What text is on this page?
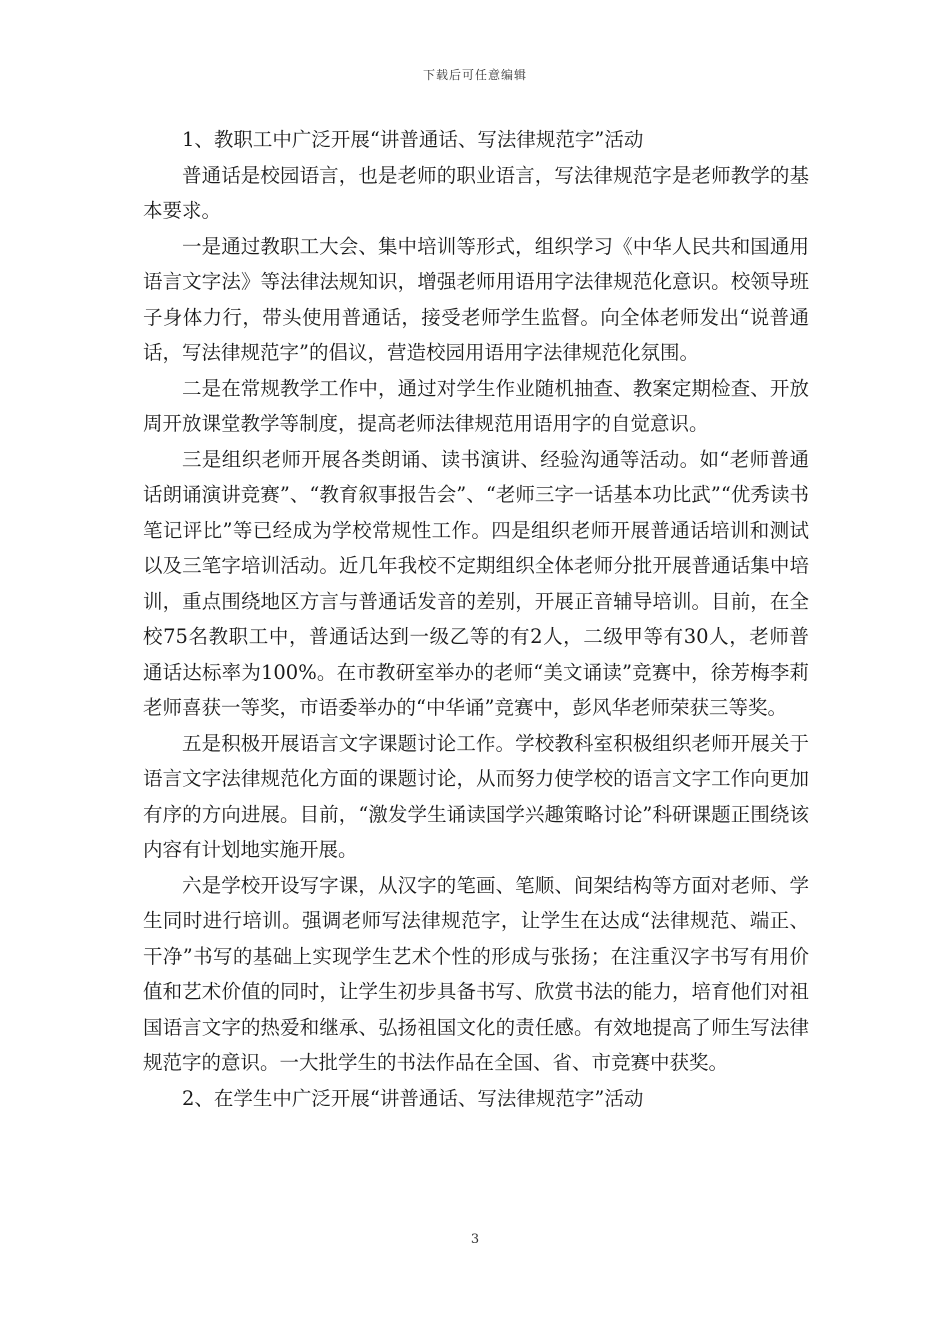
下载后可任意编辑

1、教职工中广泛开展“讲普通话、写法律规范字”活动

普通话是校园语言，也是老师的职业语言，写法律规范字是老师教学的基本要求。

一是通过教职工大会、集中培训等形式，组织学习《中华人民共和国通用语言文字法》等法律法规知识，增强老师用语用字法律规范化意识。校领导班子身体力行，带头使用普通话，接受老师学生监督。向全体老师发出“说普通话，写法律规范字”的倡议，营造校园用语用字法律规范化氛围。

二是在常规教学工作中，通过对学生作业随机抽查、教案定期检查、开放周开放课堂教学等制度，提高老师法律规范用语用字的自觉意识。

三是组织老师开展各类朗诵、读书演讲、经验沟通等活动。如“老师普通话朗诵演讲竞赛”、“教育叙事报告会”、“老师三字一话基本功比武”“优秀读书笔记评比”等已经成为学校常规性工作。四是组织老师开展普通话培训和测试以及三笔字培训活动。近几年我校不定期组织全体老师分批开展普通话集中培训，重点围绕地区方言与普通话发音的差别，开展正音辅导培训。目前，在全校75名教职工中，普通话达到一级乙等的有2人，二级甲等有30人，老师普通话达标率为100%。在市教研室举办的老师“美文诵读”竞赛中，徐芳梅李莉老师喜获一等奖，市语委举办的“中华诵”竞赛中，彭风华老师荣获三等奖。

五是积极开展语言文字课题讨论工作。学校教科室积极组织老师开展关于语言文字法律规范化方面的课题讨论，从而努力使学校的语言文字工作向更加有序的方向进展。目前，“激发学生诵读国学兴趣策略讨论”科研课题正围绕该内容有计划地实施开展。

六是学校开设写字课，从汉字的笔画、笔顺、间架结构等方面对老师、学生同时进行培训。强调老师写法律规范字，让学生在达成“法律规范、端正、干净”书写的基础上实现学生艺术个性的形成与张扬；在注重汉字书写有用价值和艺术价值的同时，让学生初步具备书写、欣赏书法的能力，培育他们对祖国语言文字的热爱和继承、弘扬祖国文化的责任感。有效地提高了师生写法律规范字的意识。一大批学生的书法作品在全国、省、市竞赛中获奖。

2、在学生中广泛开展“讲普通话、写法律规范字”活动

3
